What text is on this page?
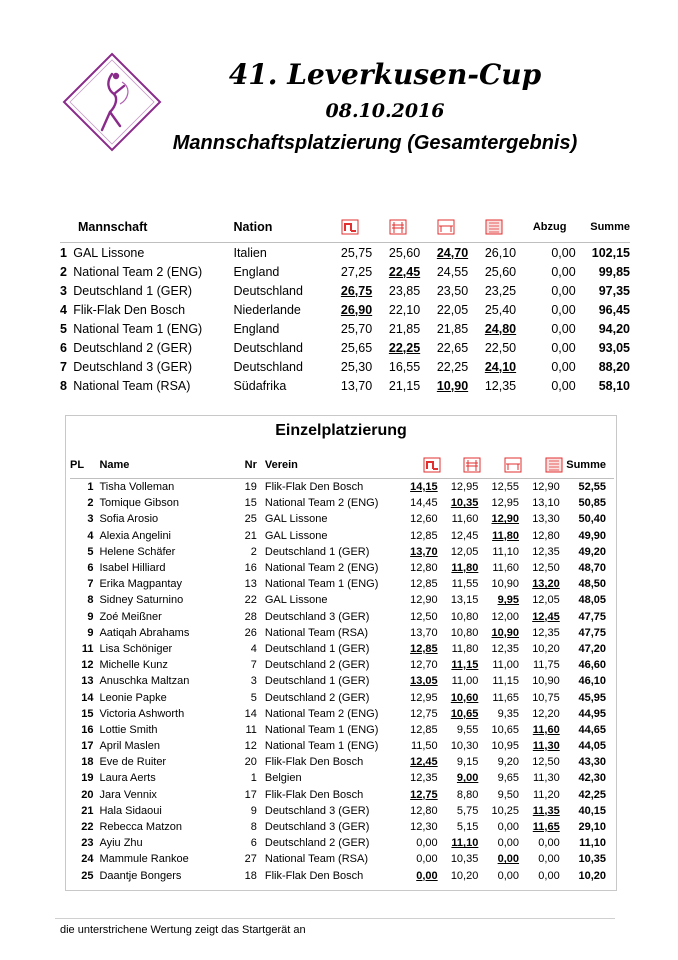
41. Leverkusen-Cup
08.10.2016
Mannschaftsplatzierung (Gesamtergebnis)
Mannschaft		Nation					Abzug	Summe
1	GAL Lissone	Italien	25,75	25,60	24,70	26,10	0,00	102,15
2	National Team 2 (ENG)	England	27,25	22,45	24,55	25,60	0,00	99,85
3	Deutschland 1 (GER)	Deutschland	26,75	23,85	23,50	23,25	0,00	97,35
4	Flik-Flak Den Bosch	Niederlande	26,90	22,10	22,05	25,40	0,00	96,45
5	National Team 1 (ENG)	England	25,70	21,85	21,85	24,80	0,00	94,20
6	Deutschland 2 (GER)	Deutschland	25,65	22,25	22,65	22,50	0,00	93,05
7	Deutschland 3 (GER)	Deutschland	25,30	16,55	22,25	24,10	0,00	88,20
8	National Team (RSA)	Südafrika	13,70	21,15	10,90	12,35	0,00	58,10
Einzelplatzierung
PL	Name	Nr	Verein					Summe
1	Tisha Volleman	19	Flik-Flak Den Bosch	14,15	12,95	12,55	12,90	52,55
2	Tomique Gibson	15	National Team 2 (ENG)	14,45	10,35	12,95	13,10	50,85
3	Sofia Arosio	25	GAL Lissone	12,60	11,60	12,90	13,30	50,40
4	Alexia Angelini	21	GAL Lissone	12,85	12,45	11,80	12,80	49,90
5	Helene Schäfer	2	Deutschland 1 (GER)	13,70	12,05	11,10	12,35	49,20
6	Isabel Hilliard	16	National Team 2 (ENG)	12,80	11,80	11,60	12,50	48,70
7	Erika Magpantay	13	National Team 1 (ENG)	12,85	11,55	10,90	13,20	48,50
8	Sidney Saturnino	22	GAL Lissone	12,90	13,15	9,95	12,05	48,05
9	Zoé Meißner	28	Deutschland 3 (GER)	12,50	10,80	12,00	12,45	47,75
9	Aatiqah Abrahams	26	National Team (RSA)	13,70	10,80	10,90	12,35	47,75
11	Lisa Schöniger	4	Deutschland 1 (GER)	12,85	11,80	12,35	10,20	47,20
12	Michelle Kunz	7	Deutschland 2 (GER)	12,70	11,15	11,00	11,75	46,60
13	Anuschka Maltzan	3	Deutschland 1 (GER)	13,05	11,00	11,15	10,90	46,10
14	Leonie Papke	5	Deutschland 2 (GER)	12,95	10,60	11,65	10,75	45,95
15	Victoria Ashworth	14	National Team 2 (ENG)	12,75	10,65	9,35	12,20	44,95
16	Lottie Smith	11	National Team 1 (ENG)	12,85	9,55	10,65	11,60	44,65
17	April Maslen	12	National Team 1 (ENG)	11,50	10,30	10,95	11,30	44,05
18	Eve de Ruiter	20	Flik-Flak Den Bosch	12,45	9,15	9,20	12,50	43,30
19	Laura Aerts	1	Belgien	12,35	9,00	9,65	11,30	42,30
20	Jara Vennix	17	Flik-Flak Den Bosch	12,75	8,80	9,50	11,20	42,25
21	Hala Sidaoui	9	Deutschland 3 (GER)	12,80	5,75	10,25	11,35	40,15
22	Rebecca Matzon	8	Deutschland 3 (GER)	12,30	5,15	0,00	11,65	29,10
23	Ayiu Zhu	6	Deutschland 2 (GER)	0,00	11,10	0,00	0,00	11,10
24	Mammule Rankoe	27	National Team (RSA)	0,00	10,35	0,00	0,00	10,35
25	Daantje Bongers	18	Flik-Flak Den Bosch	0,00	10,20	0,00	0,00	10,20
die unterstrichene Wertung zeigt das Startgerät an
